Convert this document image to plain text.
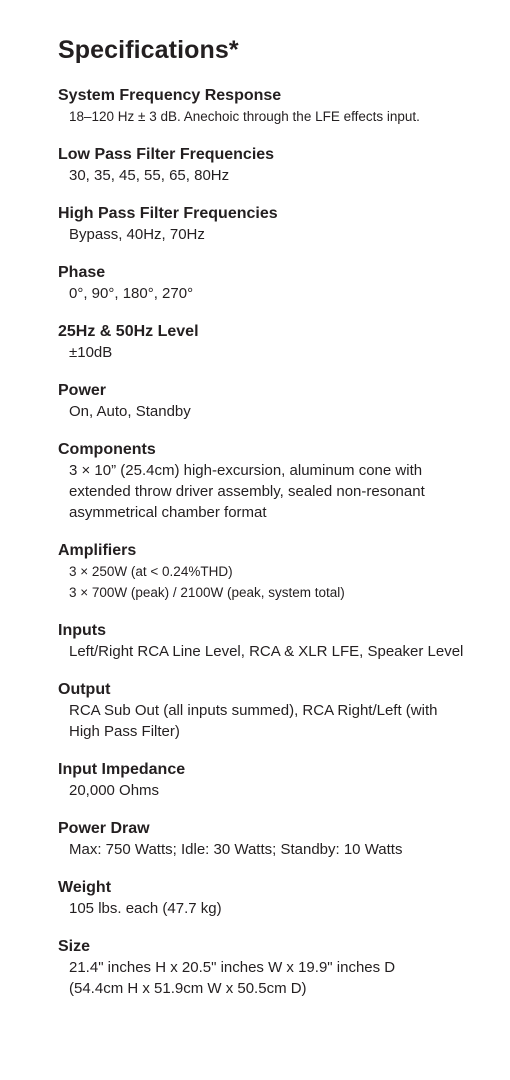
Specifications*
System Frequency Response
18–120 Hz ± 3 dB. Anechoic through the LFE effects input.
Low Pass Filter Frequencies
30, 35, 45, 55, 65, 80Hz
High Pass Filter Frequencies
Bypass, 40Hz, 70Hz
Phase
0°, 90°, 180°, 270°
25Hz & 50Hz Level
±10dB
Power
On, Auto, Standby
Components
3 × 10” (25.4cm) high-excursion, aluminum cone with
extended throw driver assembly, sealed non-resonant
asymmetrical chamber format
Amplifiers
3 × 250W (at < 0.24%THD)
3 × 700W (peak) / 2100W (peak, system total)
Inputs
Left/Right RCA Line Level, RCA & XLR LFE, Speaker Level
Output
RCA Sub Out (all inputs summed), RCA Right/Left (with
High Pass Filter)
Input Impedance
20,000 Ohms
Power Draw
Max: 750 Watts; Idle: 30 Watts; Standby: 10 Watts
Weight
105 lbs. each (47.7 kg)
Size
21.4" inches H x 20.5" inches W x 19.9" inches D
(54.4cm H x 51.9cm W x 50.5cm D)
